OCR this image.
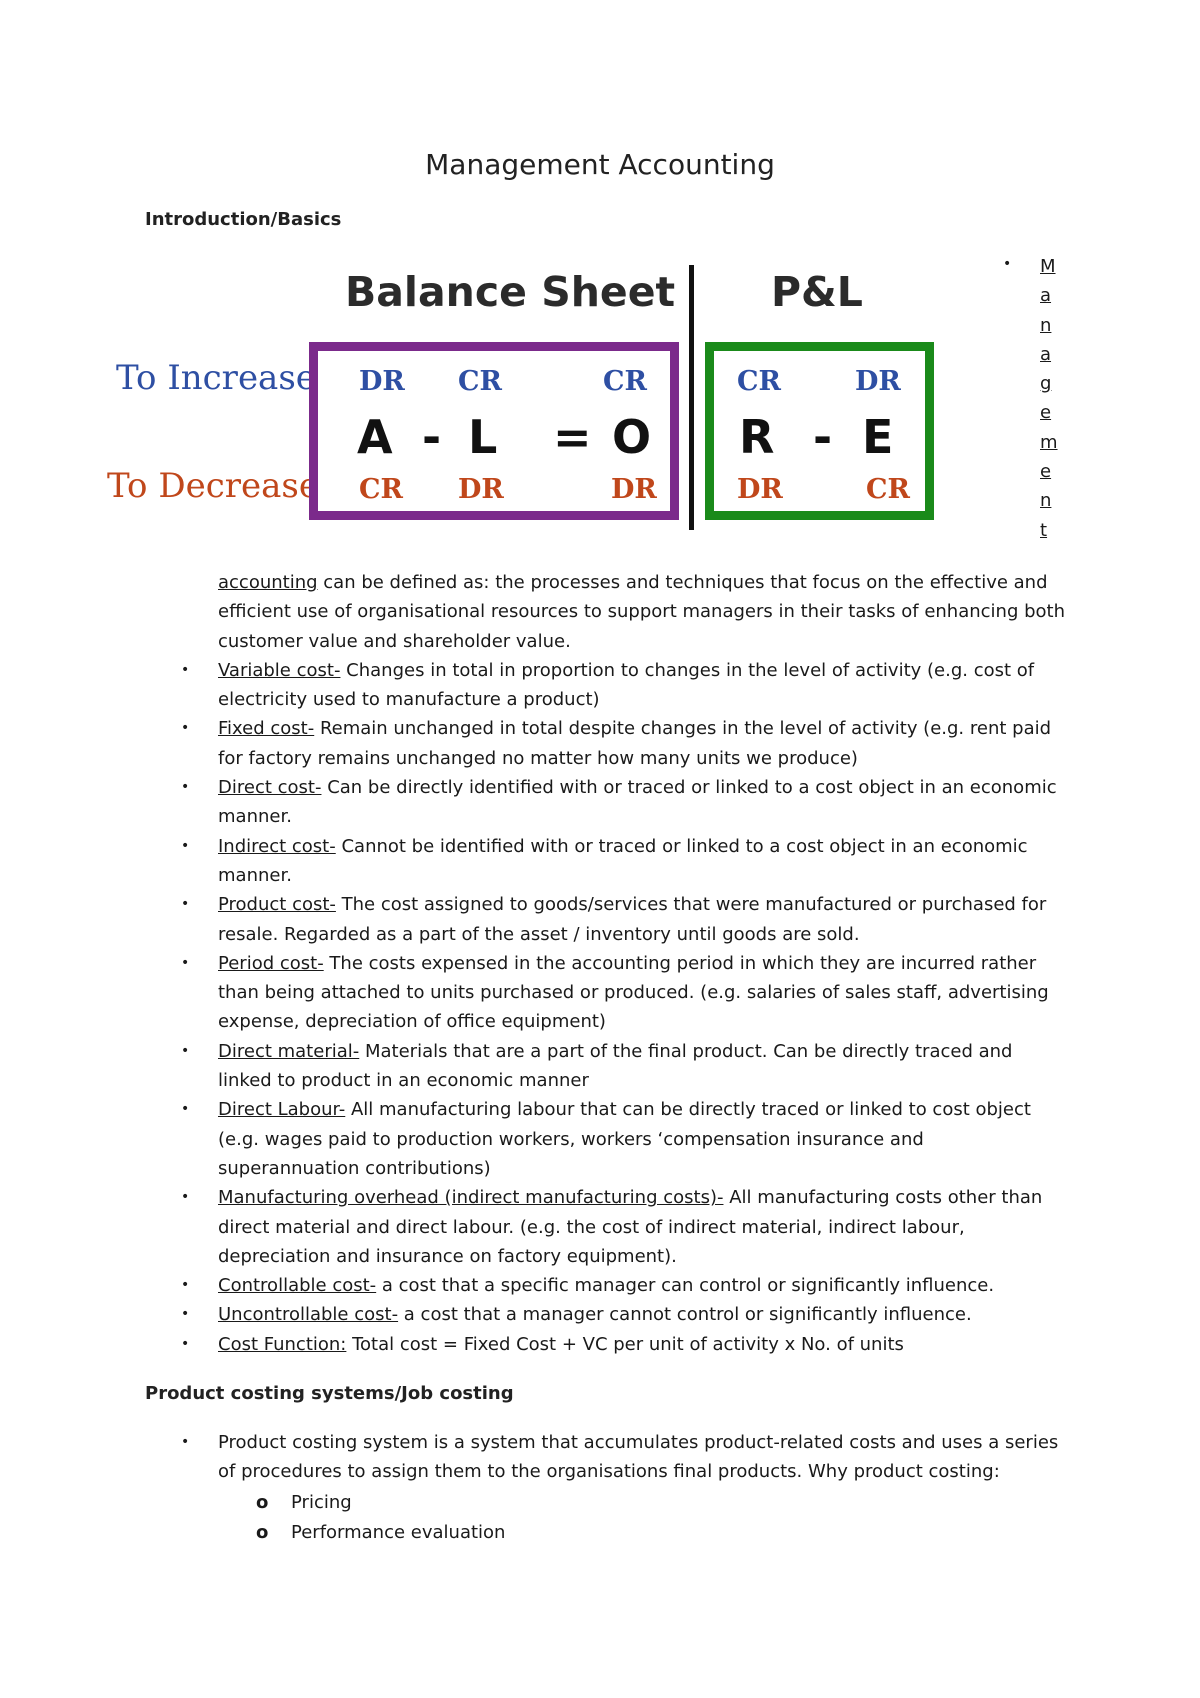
Management Accounting
Introduction/Basics
Balance Sheet P&L
To Increase
To Decrease
DR CR	CR
A - L = O
CR DR	DR
CR	DR
R - E
DR	CR
• M
a
n
a
g
e
m
e
n
t
accounting can be defined as: the processes and techniques that focus on the effective and efficient use of organisational resources to support managers in their tasks of enhancing both customer value and shareholder value.
• Variable cost- Changes in total in proportion to changes in the level of activity (e.g. cost of electricity used to manufacture a product)
• Fixed cost- Remain unchanged in total despite changes in the level of activity (e.g. rent paid for factory remains unchanged no matter how many units we produce)
• Direct cost- Can be directly identified with or traced or linked to a cost object in an economic manner.
• Indirect cost- Cannot be identified with or traced or linked to a cost object in an economic manner.
• Product cost- The cost assigned to goods/services that were manufactured or purchased for resale. Regarded as a part of the asset / inventory until goods are sold.
• Period cost- The costs expensed in the accounting period in which they are incurred rather than being attached to units purchased or produced. (e.g. salaries of sales staff, advertising expense, depreciation of office equipment)
• Direct material- Materials that are a part of the final product. Can be directly traced and linked to product in an economic manner
• Direct Labour- All manufacturing labour that can be directly traced or linked to cost object (e.g. wages paid to production workers, workers ‘compensation insurance and superannuation contributions)
• Manufacturing overhead (indirect manufacturing costs)- All manufacturing costs other than direct material and direct labour. (e.g. the cost of indirect material, indirect labour, depreciation and insurance on factory equipment).
• Controllable cost- a cost that a specific manager can control or significantly influence.
• Uncontrollable cost- a cost that a manager cannot control or significantly influence.
• Cost Function: Total cost = Fixed Cost + VC per unit of activity x No. of units
Product costing systems/Job costing
• Product costing system is a system that accumulates product-related costs and uses a series of procedures to assign them to the organisations final products. Why product costing:
o Pricing
o Performance evaluation
